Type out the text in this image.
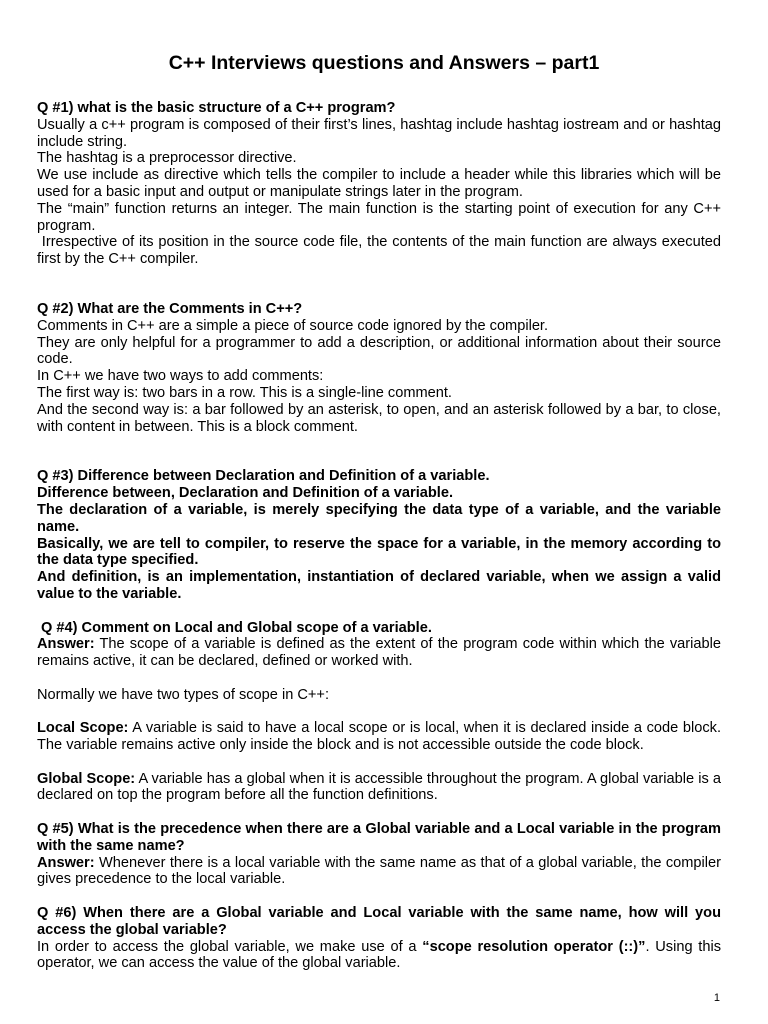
C++ Interviews questions and Answers – part1

Q #1) what is the basic structure of a C++ program?

Usually a c++ program is composed of their first’s lines, hashtag include hashtag iostream and or hashtag include string.

The hashtag is a preprocessor directive.

We use include as directive which tells the compiler to include a header while this libraries which will be used for a basic input and output or manipulate strings later in the program.

The “main” function returns an integer. The main function is the starting point of execution for any C++ program.

Irrespective of its position in the source code file, the contents of the main function are always executed first by the C++ compiler.

Q #2) What are the Comments in C++?

Comments in C++ are a simple a piece of source code ignored by the compiler.

They are only helpful for a programmer to add a description, or additional information about their source code.

In C++ we have two ways to add comments:

The first way is: two bars in a row. This is a single-line comment.

And the second way is: a bar followed by an asterisk, to open, and an asterisk followed by a bar, to close, with content in between. This is a block comment.

Q #3) Difference between Declaration and Definition of a variable.

Difference between, Declaration and Definition of a variable.

The declaration of a variable, is merely specifying the data type of a variable, and the variable name.

Basically, we are tell to compiler, to reserve the space for a variable, in the memory according to the data type specified.

And definition, is an implementation, instantiation of declared variable, when we assign a valid value to the variable.

Q #4) Comment on Local and Global scope of a variable.

Answer: The scope of a variable is defined as the extent of the program code within which the variable remains active, it can be declared, defined or worked with.

Normally we have two types of scope in C++:

Local Scope: A variable is said to have a local scope or is local, when it is declared inside a code block. The variable remains active only inside the block and is not accessible outside the code block.

Global Scope: A variable has a global when it is accessible throughout the program. A global variable is a declared on top the program before all the function definitions.

Q #5) What is the precedence when there are a Global variable and a Local variable in the program with the same name?

Answer: Whenever there is a local variable with the same name as that of a global variable, the compiler gives precedence to the local variable.

Q #6) When there are a Global variable and Local variable with the same name, how will you access the global variable?

In order to access the global variable, we make use of a “scope resolution operator (::)”. Using this operator, we can access the value of the global variable.

1
